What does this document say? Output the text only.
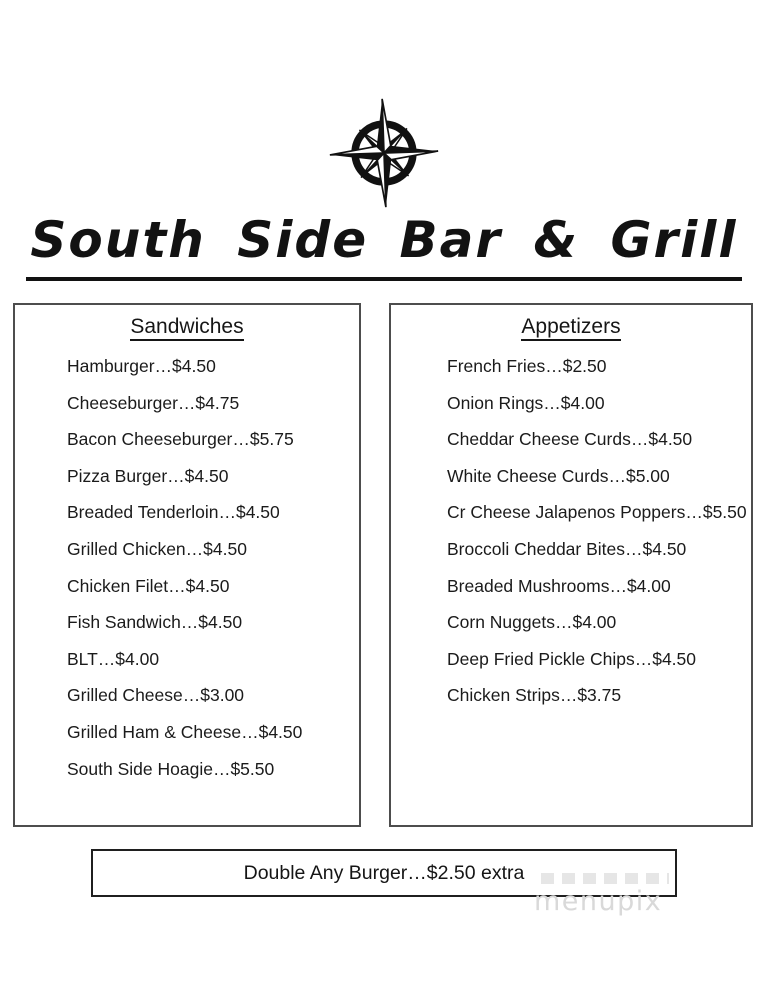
South Side Bar & Grill
Sandwiches
Hamburger…$4.50
Cheeseburger…$4.75
Bacon Cheeseburger…$5.75
Pizza Burger…$4.50
Breaded Tenderloin…$4.50
Grilled Chicken…$4.50
Chicken Filet…$4.50
Fish Sandwich…$4.50
BLT…$4.00
Grilled Cheese…$3.00
Grilled Ham & Cheese…$4.50
South Side Hoagie…$5.50
Appetizers
French Fries…$2.50
Onion Rings…$4.00
Cheddar Cheese Curds…$4.50
White Cheese Curds…$5.00
Cr Cheese Jalapenos Poppers…$5.50
Broccoli Cheddar Bites…$4.50
Breaded Mushrooms…$4.00
Corn Nuggets…$4.00
Deep Fried Pickle Chips…$4.50
Chicken Strips…$3.75
Double Any Burger…$2.50 extra
menupix
